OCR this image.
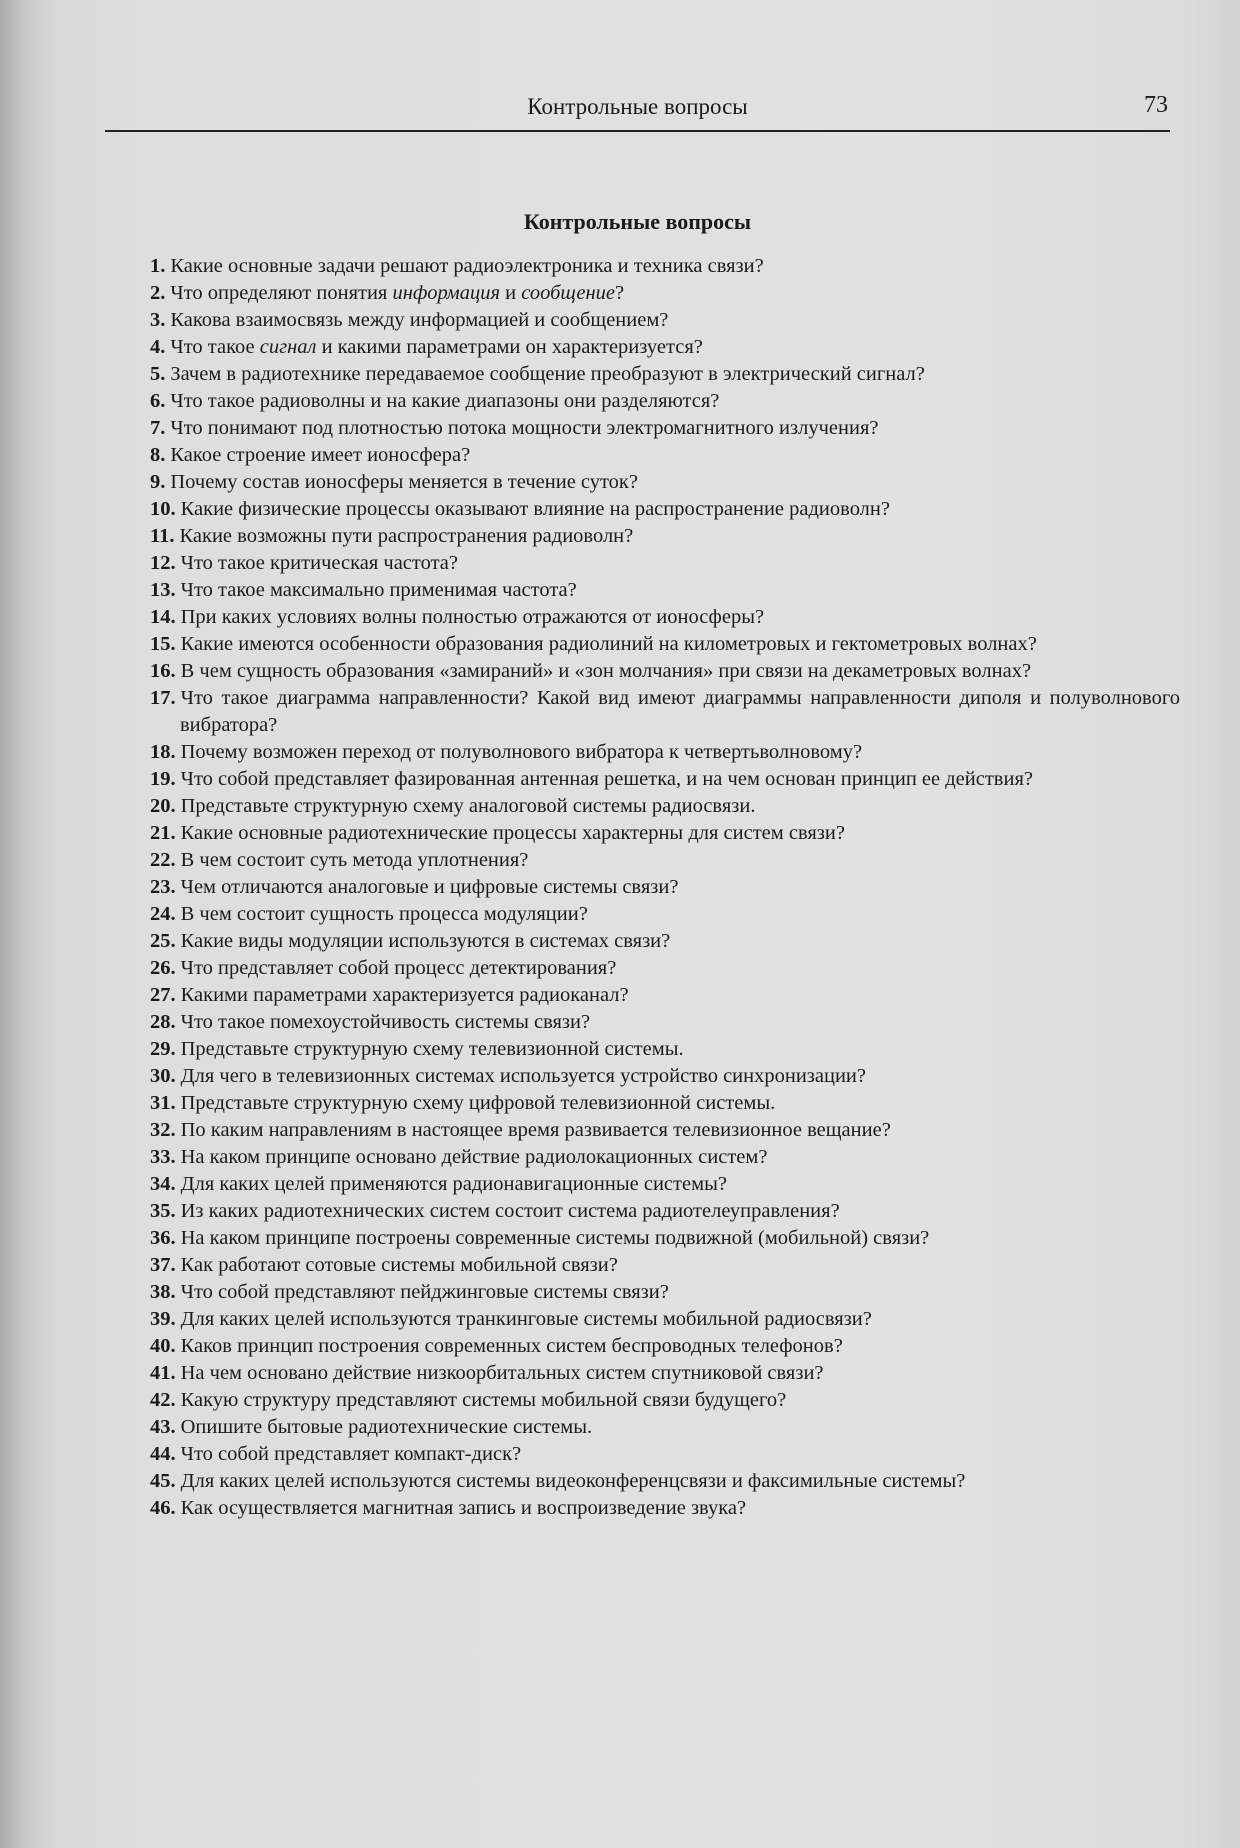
Контрольные вопросы	73
Контрольные вопросы
1. Какие основные задачи решают радиоэлектроника и техника связи?
2. Что определяют понятия информация и сообщение?
3. Какова взаимосвязь между информацией и сообщением?
4. Что такое сигнал и какими параметрами он характеризуется?
5. Зачем в радиотехнике передаваемое сообщение преобразуют в электрический сигнал?
6. Что такое радиоволны и на какие диапазоны они разделяются?
7. Что понимают под плотностью потока мощности электромагнитного излучения?
8. Какое строение имеет ионосфера?
9. Почему состав ионосферы меняется в течение суток?
10. Какие физические процессы оказывают влияние на распространение радиоволн?
11. Какие возможны пути распространения радиоволн?
12. Что такое критическая частота?
13. Что такое максимально применимая частота?
14. При каких условиях волны полностью отражаются от ионосферы?
15. Какие имеются особенности образования радиолиний на километровых и гектометровых волнах?
16. В чем сущность образования «замираний» и «зон молчания» при связи на декаметровых волнах?
17. Что такое диаграмма направленности? Какой вид имеют диаграммы направленности диполя и полуволнового вибратора?
18. Почему возможен переход от полуволнового вибратора к четвертьволновому?
19. Что собой представляет фазированная антенная решетка, и на чем основан принцип ее действия?
20. Представьте структурную схему аналоговой системы радиосвязи.
21. Какие основные радиотехнические процессы характерны для систем связи?
22. В чем состоит суть метода уплотнения?
23. Чем отличаются аналоговые и цифровые системы связи?
24. В чем состоит сущность процесса модуляции?
25. Какие виды модуляции используются в системах связи?
26. Что представляет собой процесс детектирования?
27. Какими параметрами характеризуется радиоканал?
28. Что такое помехоустойчивость системы связи?
29. Представьте структурную схему телевизионной системы.
30. Для чего в телевизионных системах используется устройство синхронизации?
31. Представьте структурную схему цифровой телевизионной системы.
32. По каким направлениям в настоящее время развивается телевизионное вещание?
33. На каком принципе основано действие радиолокационных систем?
34. Для каких целей применяются радионавигационные системы?
35. Из каких радиотехнических систем состоит система радиотелеуправления?
36. На каком принципе построены современные системы подвижной (мобильной) связи?
37. Как работают сотовые системы мобильной связи?
38. Что собой представляют пейджинговые системы связи?
39. Для каких целей используются транкинговые системы мобильной радиосвязи?
40. Каков принцип построения современных систем беспроводных телефонов?
41. На чем основано действие низкоорбитальных систем спутниковой связи?
42. Какую структуру представляют системы мобильной связи будущего?
43. Опишите бытовые радиотехнические системы.
44. Что собой представляет компакт-диск?
45. Для каких целей используются системы видеоконференцсвязи и факсимильные системы?
46. Как осуществляется магнитная запись и воспроизведение звука?
